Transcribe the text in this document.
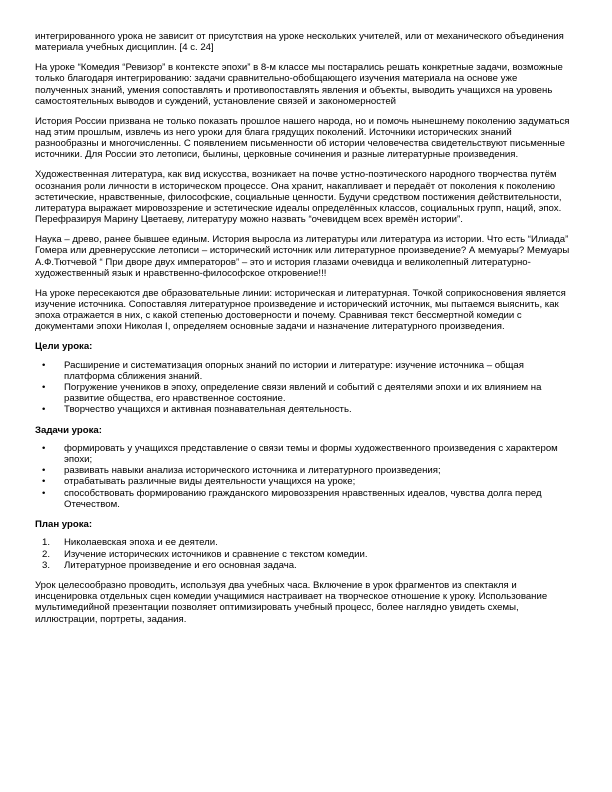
интегрированного урока не зависит от присутствия на уроке нескольких учителей, или от механического объединения материала учебных дисциплин. [4 с. 24]

На уроке “Комедия “Ревизор” в контексте эпохи” в 8-м классе мы постарались решать конкретные задачи, возможные только благодаря интегрированию: задачи сравнительно-обобщающего изучения материала на основе уже полученных знаний, умения сопоставлять и противопоставлять явления и объекты, выводить учащихся на уровень самостоятельных выводов и суждений, установление связей и закономерностей

История России призвана не только показать прошлое нашего народа, но и помочь нынешнему поколению задуматься над этим прошлым, извлечь из него уроки для блага грядущих поколений. Источники исторических знаний разнообразны и многочисленны. С появлением письменности об истории человечества свидетельствуют письменные источники. Для России это летописи, былины, церковные сочинения и разные литературные произведения.

Художественная литература, как вид искусства, возникает на почве устно-поэтического народного творчества путём осознания роли личности в историческом процессе. Она хранит, накапливает и передаёт от поколения к поколению эстетические, нравственные, философские, социальные ценности. Будучи средством постижения действительности, литература выражает мировоззрение и эстетические идеалы определённых классов, социальных групп, наций, эпох. Перефразируя Марину Цветаеву, литературу можно назвать “очевидцем всех времён истории”.

Наука – древо, ранее бывшее единым. История выросла из литературы или литература из истории. Что есть “Илиада” Гомера или древнерусские летописи – исторический источник или литературное произведение? А мемуары? Мемуары А.Ф.Тютчевой “ При дворе двух императоров” – это и история глазами очевидца и великолепный литературно-художественный язык и нравственно-философское откровение!!!

На уроке пересекаются две образовательные линии: историческая и литературная. Точкой соприкосновения является изучение источника. Сопоставляя литературное произведение и исторический источник, мы пытаемся выяснить, как эпоха отражается в них, с какой степенью достоверности и почему. Сравнивая текст бессмертной комедии с документами эпохи Николая I, определяем основные задачи и назначение литературного произведения.

Цели урока:
• Расширение и систематизация опорных знаний по истории и литературе: изучение источника – общая платформа сближения знаний.
• Погружение учеников в эпоху, определение связи явлений и событий с деятелями эпохи и их влиянием на развитие общества, его нравственное состояние.
• Творчество учащихся и активная познавательная деятельность.
Задачи урока:
• формировать у учащихся представление о связи темы и формы художественного произведения с характером эпохи;
• развивать навыки анализа исторического источника и литературного произведения;
• отрабатывать различные виды деятельности учащихся на уроке;
• способствовать формированию гражданского мировоззрения нравственных идеалов, чувства долга перед Отечеством.
План урока:
Николаевская эпоха и ее деятели.
Изучение исторических источников и сравнение с текстом комедии.
Литературное произведение и его основная задача.

Урок целесообразно проводить, используя два учебных часа. Включение в урок фрагментов из спектакля и инсценировка отдельных сцен комедии учащимися настраивает на творческое отношение к уроку. Использование мультимедийной презентации позволяет оптимизировать учебный процесс, более наглядно увидеть схемы, иллюстрации, портреты, задания.
